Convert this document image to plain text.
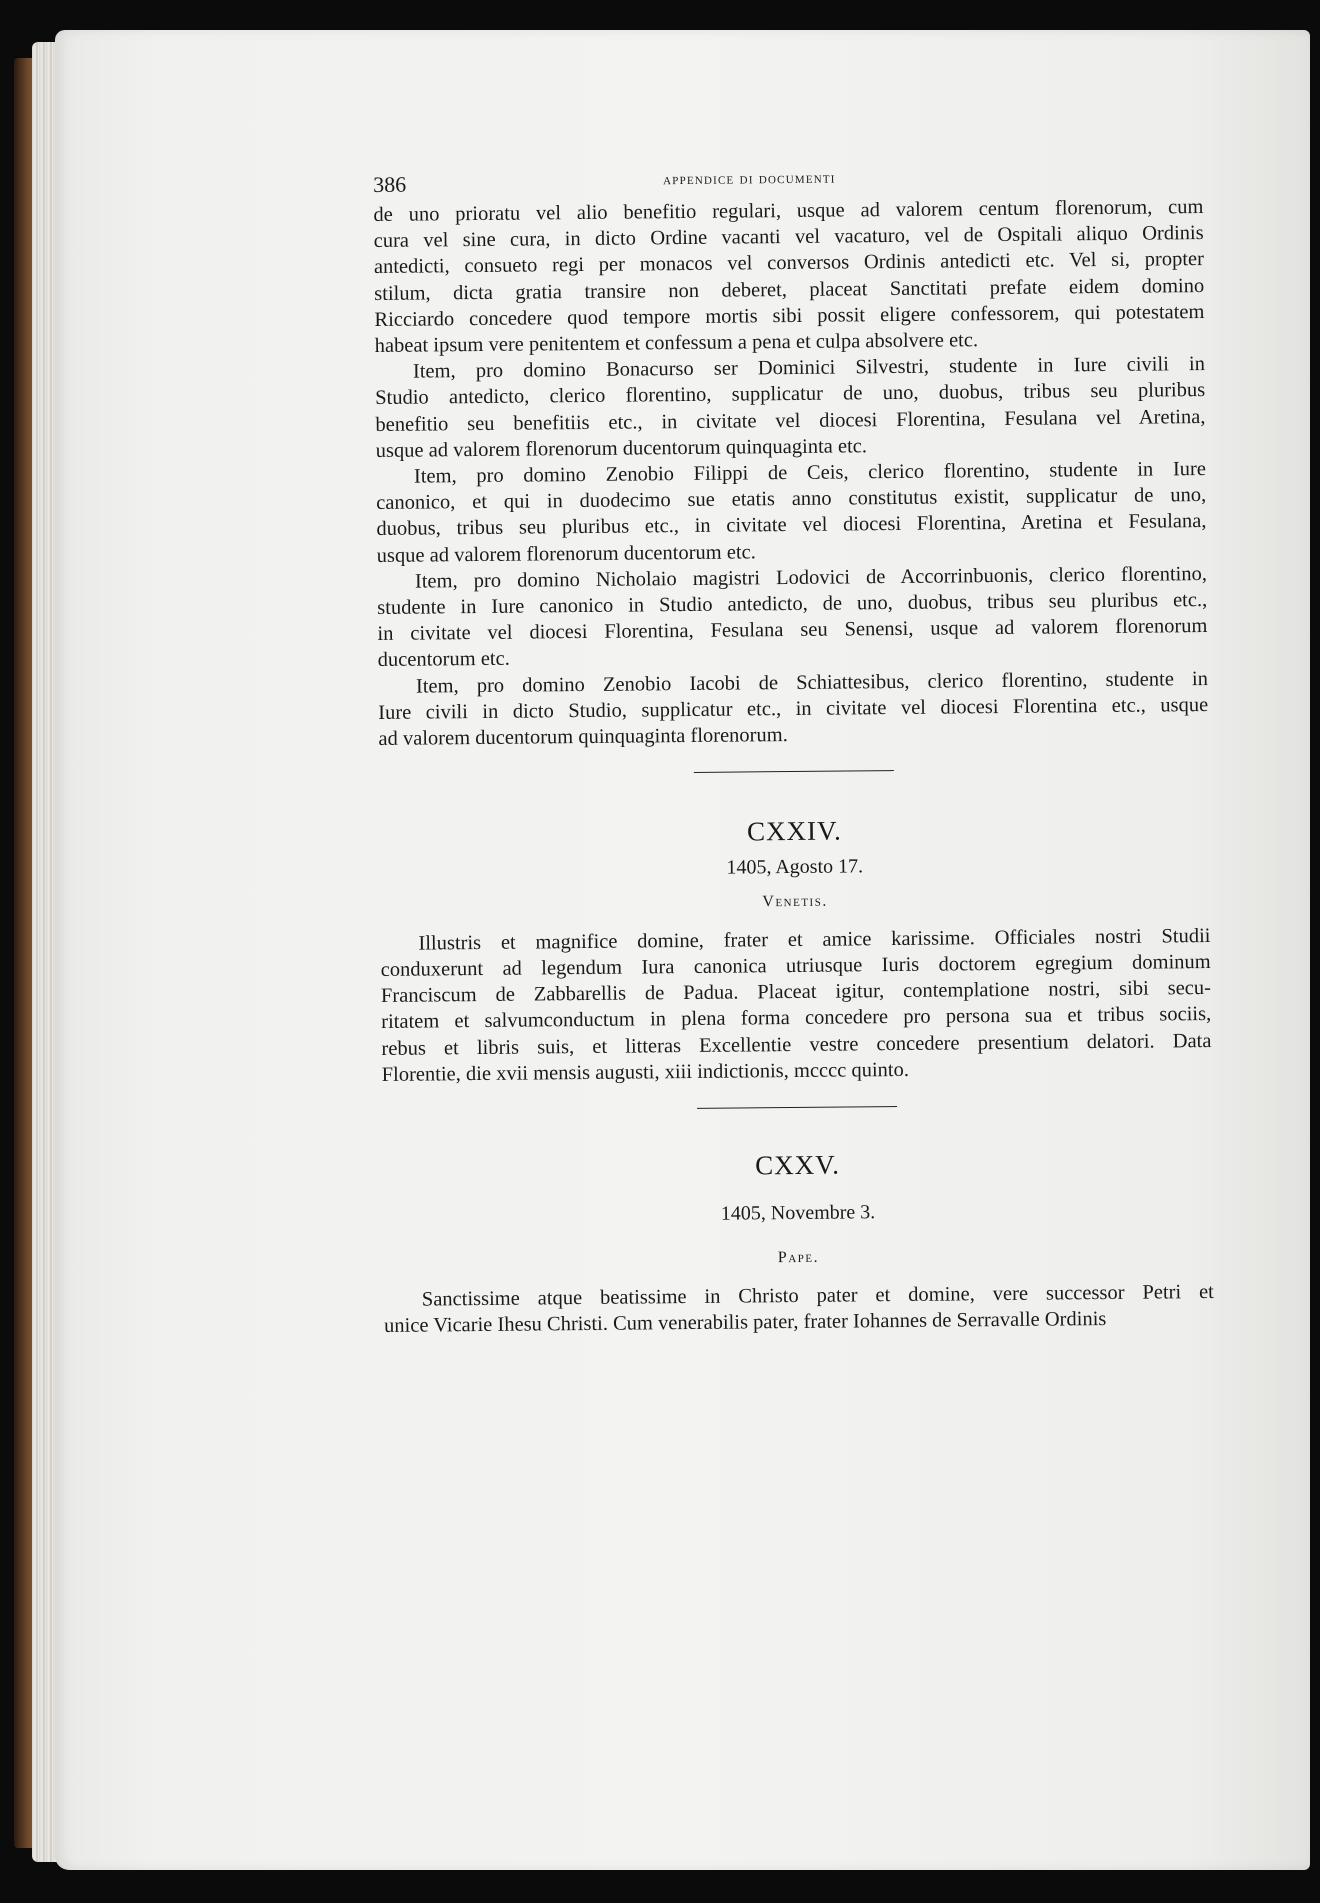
386	appendice di documenti
de uno prioratu vel alio benefitio regulari, usque ad valorem centum florenorum, cum
cura vel sine cura, in dicto Ordine vacanti vel vacaturo, vel de Ospitali aliquo Ordinis
antedicti, consueto regi per monacos vel conversos Ordinis antedicti etc. Vel si, propter
stilum, dicta gratia transire non deberet, placeat Sanctitati prefate eidem domino
Ricciardo concedere quod tempore mortis sibi possit eligere confessorem, qui potestatem
habeat ipsum vere penitentem et confessum a pena et culpa absolvere etc.
Item, pro domino Bonacurso ser Dominici Silvestri, studente in Iure civili in
Studio antedicto, clerico florentino, supplicatur de uno, duobus, tribus seu pluribus
benefitio seu benefitiis etc., in civitate vel diocesi Florentina, Fesulana vel Aretina,
usque ad valorem florenorum ducentorum quinquaginta etc.
Item, pro domino Zenobio Filippi de Ceis, clerico florentino, studente in Iure
canonico, et qui in duodecimo sue etatis anno constitutus existit, supplicatur de uno,
duobus, tribus seu pluribus etc., in civitate vel diocesi Florentina, Aretina et Fesulana,
usque ad valorem florenorum ducentorum etc.
Item, pro domino Nicholaio magistri Lodovici de Accorrinbuonis, clerico florentino,
studente in Iure canonico in Studio antedicto, de uno, duobus, tribus seu pluribus etc.,
in civitate vel diocesi Florentina, Fesulana seu Senensi, usque ad valorem florenorum
ducentorum etc.
Item, pro domino Zenobio Iacobi de Schiattesibus, clerico florentino, studente in
Iure civili in dicto Studio, supplicatur etc., in civitate vel diocesi Florentina etc., usque
ad valorem ducentorum quinquaginta florenorum.
CXXIV.
1405, Agosto 17.
Venetis.
Illustris et magnifice domine, frater et amice karissime. Officiales nostri Studii
conduxerunt ad legendum Iura canonica utriusque Iuris doctorem egregium dominum
Franciscum de Zabbarellis de Padua. Placeat igitur, contemplatione nostri, sibi secu-
ritatem et salvumconductum in plena forma concedere pro persona sua et tribus sociis,
rebus et libris suis, et litteras Excellentie vestre concedere presentium delatori. Data
Florentie, die xvii mensis augusti, xiii indictionis, mcccc quinto.
CXXV.
1405, Novembre 3.
Pape.
Sanctissime atque beatissime in Christo pater et domine, vere successor Petri et
unice Vicarie Ihesu Christi. Cum venerabilis pater, frater Iohannes de Serravalle Ordinis
